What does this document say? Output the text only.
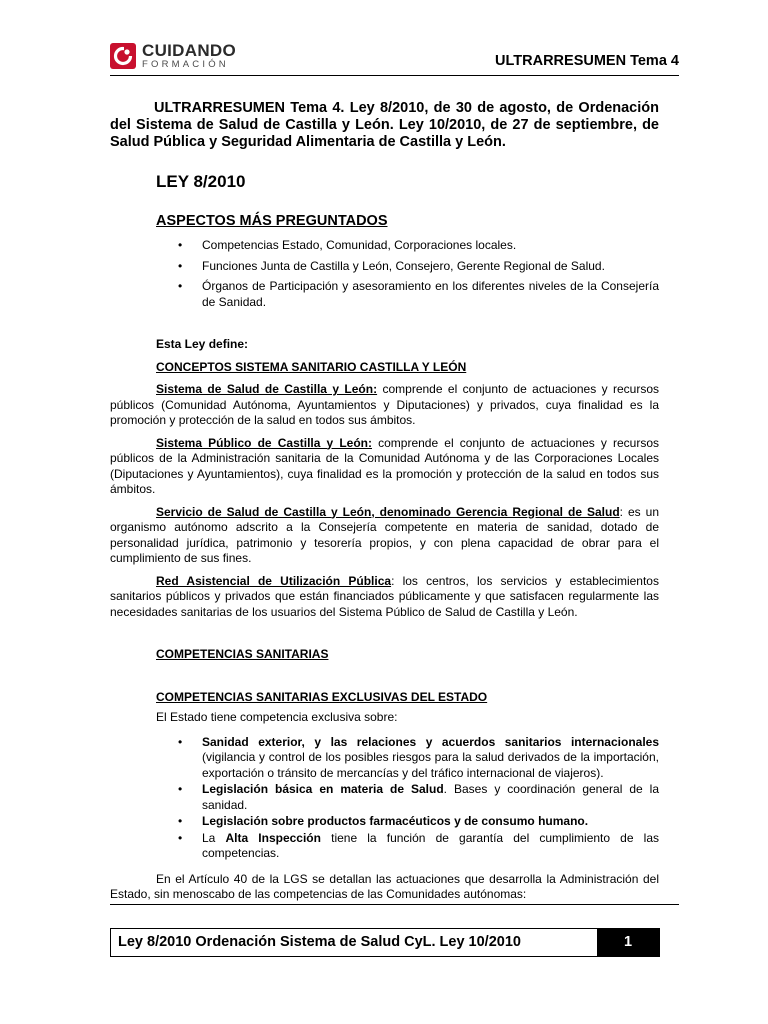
CUIDANDO
FORMACIÓN	ULTRARRESUMEN Tema 4
ULTRARRESUMEN Tema 4. Ley 8/2010, de 30 de agosto, de Ordenación del Sistema de Salud de Castilla y León. Ley 10/2010, de 27 de septiembre, de Salud Pública y Seguridad Alimentaria de Castilla y León.
LEY 8/2010
ASPECTOS MÁS PREGUNTADOS
• Competencias Estado, Comunidad, Corporaciones locales.
• Funciones Junta de Castilla y León, Consejero, Gerente Regional de Salud.
• Órganos de Participación y asesoramiento en los diferentes niveles de la Consejería de Sanidad.
Esta Ley define:
CONCEPTOS SISTEMA SANITARIO CASTILLA Y LEÓN
Sistema de Salud de Castilla y León: comprende el conjunto de actuaciones y recursos públicos (Comunidad Autónoma, Ayuntamientos y Diputaciones) y privados, cuya finalidad es la promoción y protección de la salud en todos sus ámbitos.
Sistema Público de Castilla y León: comprende el conjunto de actuaciones y recursos públicos de la Administración sanitaria de la Comunidad Autónoma y de las Corporaciones Locales (Diputaciones y Ayuntamientos), cuya finalidad es la promoción y protección de la salud en todos sus ámbitos.
Servicio de Salud de Castilla y León, denominado Gerencia Regional de Salud: es un organismo autónomo adscrito a la Consejería competente en materia de sanidad, dotado de personalidad jurídica, patrimonio y tesorería propios, y con plena capacidad de obrar para el cumplimiento de sus fines.
Red Asistencial de Utilización Pública: los centros, los servicios y establecimientos sanitarios públicos y privados que están financiados públicamente y que satisfacen regularmente las necesidades sanitarias de los usuarios del Sistema Público de Salud de Castilla y León.
COMPETENCIAS SANITARIAS
COMPETENCIAS SANITARIAS EXCLUSIVAS DEL ESTADO
El Estado tiene competencia exclusiva sobre:
• Sanidad exterior, y las relaciones y acuerdos sanitarios internacionales (vigilancia y control de los posibles riesgos para la salud derivados de la importación, exportación o tránsito de mercancías y del tráfico internacional de viajeros).
• Legislación básica en materia de Salud. Bases y coordinación general de la sanidad.
• Legislación sobre productos farmacéuticos y de consumo humano.
• La Alta Inspección tiene la función de garantía del cumplimiento de las competencias.
En el Artículo 40 de la LGS se detallan las actuaciones que desarrolla la Administración del Estado, sin menoscabo de las competencias de las Comunidades autónomas:
Ley 8/2010 Ordenación Sistema de Salud CyL. Ley 10/2010	1
